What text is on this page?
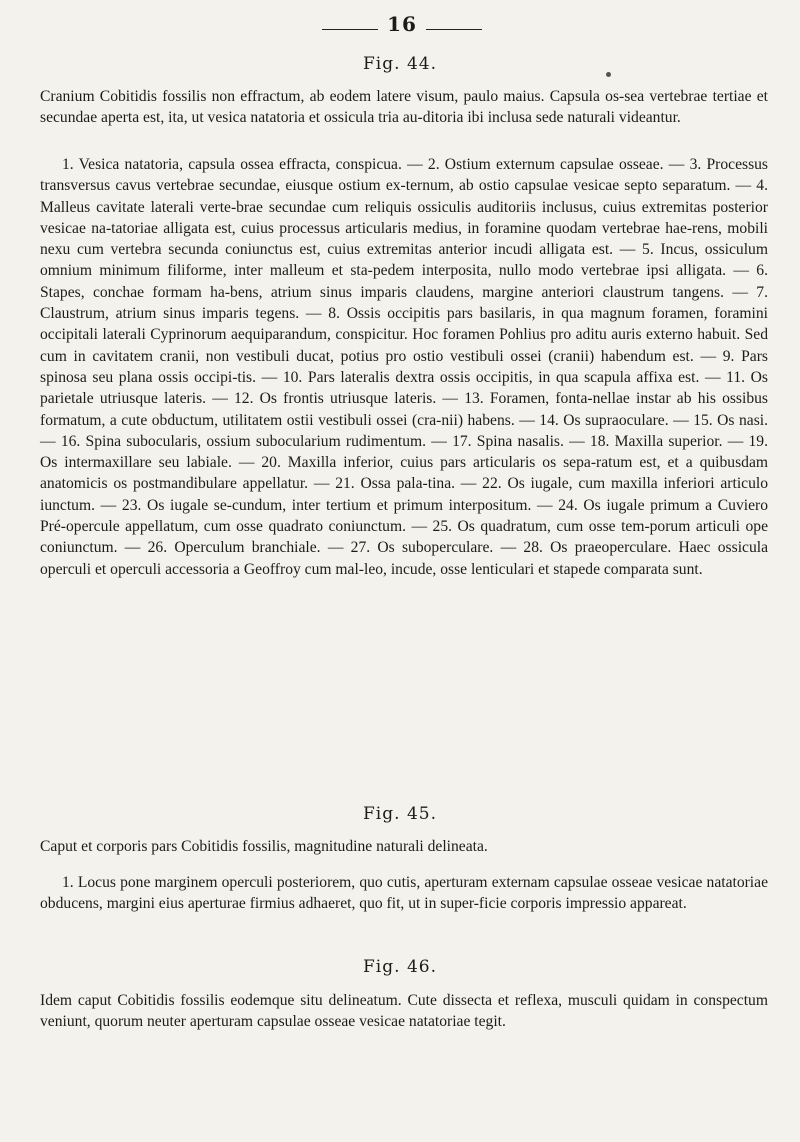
16
Fig. 44.

Cranium Cobitidis fossilis non effractum, ab eodem latere visum, paulo maius. Capsula os-sea vertebrae tertiae et secundae aperta est, ita, ut vesica natatoria et ossicula tria au-ditoria ibi inclusa sede naturali videantur.

1. Vesica natatoria, capsula ossea effracta, conspicua. — 2. Ostium externum capsulae osseae. — 3. Processus transversus cavus vertebrae secundae, eiusque ostium ex-ternum, ab ostio capsulae vesicae septo separatum. — 4. Malleus cavitate laterali verte-brae secundae cum reliquis ossiculis auditoriis inclusus, cuius extremitas posterior vesicae na-tatoriae alligata est, cuius processus articularis medius, in foramine quodam vertebrae hae-rens, mobili nexu cum vertebra secunda coniunctus est, cuius extremitas anterior incudi alligata est. — 5. Incus, ossiculum omnium minimum filiforme, inter malleum et sta-pedem interposita, nullo modo vertebrae ipsi alligata. — 6. Stapes, conchae formam ha-bens, atrium sinus imparis claudens, margine anteriori claustrum tangens. — 7. Claustrum, atrium sinus imparis tegens. — 8. Ossis occipitis pars basilaris, in qua magnum foramen, foramini occipitali laterali Cyprinorum aequiparandum, conspicitur. Hoc foramen Pohlius pro aditu auris externo habuit. Sed cum in cavitatem cranii, non vestibuli ducat, potius pro ostio vestibuli ossei (cranii) habendum est. — 9. Pars spinosa seu plana ossis occipi-tis. — 10. Pars lateralis dextra ossis occipitis, in qua scapula affixa est. — 11. Os parietale utriusque lateris. — 12. Os frontis utriusque lateris. — 13. Foramen, fonta-nellae instar ab his ossibus formatum, a cute obductum, utilitatem ostii vestibuli ossei (cra-nii) habens. — 14. Os supraoculare. — 15. Os nasi. — 16. Spina subocularis, ossium subocularium rudimentum. — 17. Spina nasalis. — 18. Maxilla superior. — 19. Os intermaxillare seu labiale. — 20. Maxilla inferior, cuius pars articularis os sepa-ratum est, et a quibusdam anatomicis os postmandibulare appellatur. — 21. Ossa pala-tina. — 22. Os iugale, cum maxilla inferiori articulo iunctum. — 23. Os iugale se-cundum, inter tertium et primum interpositum. — 24. Os iugale primum a Cuviero Pré-opercule appellatum, cum osse quadrato coniunctum. — 25. Os quadratum, cum osse tem-porum articuli ope coniunctum. — 26. Operculum branchiale. — 27. Os suboperculare. — 28. Os praeoperculare. Haec ossicula operculi et operculi accessoria a Geoffroy cum mal-leo, incude, osse lenticulari et stapede comparata sunt.

Fig. 45.

Caput et corporis pars Cobitidis fossilis, magnitudine naturali delineata.

1. Locus pone marginem operculi posteriorem, quo cutis, aperturam externam capsulae osseae vesicae natatoriae obducens, margini eius aperturae firmius adhaeret, quo fit, ut in super-ficie corporis impressio appareat.

Fig. 46.

Idem caput Cobitidis fossilis eodemque situ delineatum. Cute dissecta et reflexa, musculi quidam in conspectum veniunt, quorum neuter aperturam capsulae osseae vesicae natatoriae tegit.
